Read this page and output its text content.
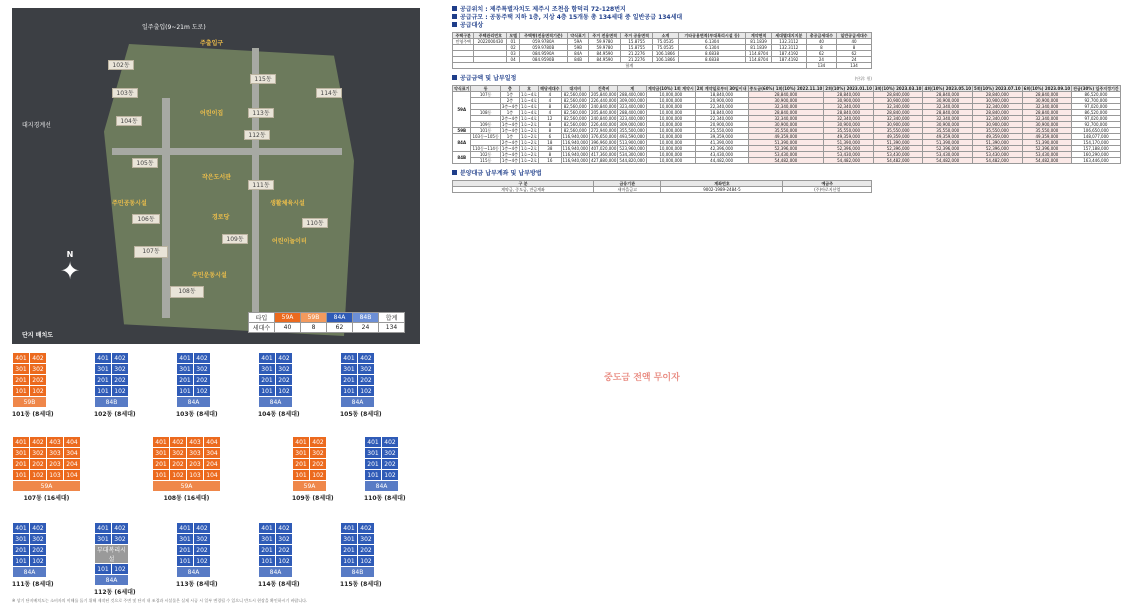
일주출입(9~21m 도로)
대지경계선
단지 배치도
주출입구
어린이집
작은도서관
경로당
주민공동시설	생활체육시설
어린이놀이터
주민운동시설
102동
103동
104동
105동
106동
107동
108동
109동
110동
111동
112동
113동
114동
115동
N
✦
타입	59A	59B	84A	84B	합계
세대수	40	8	62	24	134
401	402
301	302
201	202
101	102
59B	
101동 (8세대)
401	402
301	302
201	202
101	102
84B	
102동 (8세대)
401	402
301	302
201	202
101	102
84A	
103동 (8세대)
401	402
301	302
201	202
101	102
84A	
104동 (8세대)
401	402
301	302
201	202
101	102
84A	
105동 (8세대)
401	402	403	404
301	302	303	304
201	202	203	204
101	102	103	104
59A			
107동 (16세대)
401	402	403	404
301	302	303	304
201	202	203	204
101	102	103	104
59A			
108동 (16세대)
401	402
301	302
201	202
101	102
59A	
109동 (8세대)
401	402
301	302
201	202
101	102
84A	
110동 (8세대)
401	402
301	302
201	202
101	102
84A	
111동 (8세대)
401	402
301	302
부대복리시설	
101	102
84A	
112동 (6세대)
401	402
301	302
201	202
101	102
84A	
113동 (8세대)
401	402
301	302
201	202
101	102
84A	
114동 (8세대)
401	402
301	302
201	202
101	102
84B	
115동 (8세대)
※ 상기 단지배치도는 소비자의 이해를 돕기 위해 제작된 것으로 주변 및 단지 내 조경과 시설물은 실제 시공 시 일부 변경될 수 있으니 반드시 현장을 확인하시기 바랍니다.
공급위치 : 제주특별자치도 제주시 조천읍 함덕리 72-128번지
공급규모 : 공동주택 지하 1층, 지상 4층 15개동 총 134세대 중 일반공급 134세대
공급대상
주택구분	주택관리번호	모델	주택형(전용면적기준)	약식표기	주거 전용면적	주거 공용면적	소계	기타공용면적(부대복리시설 등)	계약면적	세대별대지지분	총공급세대수	일반공급세대수
민영주택	2022000430	01	059.9780A	59A	59.9780	15.8755	75.0535	6.1304	81.1839	132.3112	40	40
		02	059.9780B	59B	59.9780	15.8755	75.0535	6.1304	81.1839	132.3112	8	8
		03	084.9590A	84A	84.9590	21.2276	106.1866	8.6838	114.8704	187.4192	62	62
		04	084.9590B	84B	84.9590	21.2276	106.1866	8.6838	114.8704	187.4192	24	24
합계											134	134
공급금액 및 납부일정	(단위: 원)
약식표기	동	층	호	해당세대수	대지비	건축비	계	계약금(10%) 1회 계약시	2회 계약일로부터 30일이내	중도금(60%) 1회(10%) 2022.11.10	2회(10%) 2023.01.10	3회(10%) 2023.03.10	4회(10%) 2023.05.10	5회(10%) 2023.07.10	6회(10%) 2023.09.10	잔금(30%) 입주지정기간
59A	107동	1층	1호~4호	4	82,560,000	205,840,000	288,400,000	10,000,000	18,840,000	28,840,000	28,840,000	28,840,000	28,840,000	28,840,000	28,840,000	86,520,000
		2층	1호~4호	4	82,560,000	226,440,000	309,000,000	10,000,000	20,900,000	30,900,000	30,900,000	30,900,000	30,900,000	30,900,000	30,900,000	92,700,000
		3층~4층	1호~4호	8	82,560,000	240,840,000	323,400,000	10,000,000	22,340,000	32,340,000	32,340,000	32,340,000	32,340,000	32,340,000	32,340,000	97,020,000
	108동	1층	1호~4호	4	82,560,000	205,840,000	288,400,000	10,000,000	18,840,000	28,840,000	28,840,000	28,840,000	28,840,000	28,840,000	28,840,000	86,520,000
		2층~4층	1호~4호	12	82,560,000	240,840,000	323,400,000	10,000,000	22,340,000	32,340,000	32,340,000	32,340,000	32,340,000	32,340,000	32,340,000	97,020,000
	109동	1층~4층	1호~2호	8	82,560,000	226,440,000	309,000,000	10,000,000	20,900,000	30,900,000	30,900,000	30,900,000	30,900,000	30,900,000	30,900,000	92,700,000
59B	101동	1층~4층	1호~2호	8	82,560,000	272,940,000	355,500,000	10,000,000	25,550,000	35,550,000	35,550,000	35,550,000	35,550,000	35,550,000	35,550,000	106,650,000
84A	103동~105동	1층	1호~2호	6	116,940,000	376,650,000	493,590,000	10,000,000	39,359,000	49,359,000	49,359,000	49,359,000	49,359,000	49,359,000	49,359,000	148,077,000
		2층~4층	1호~2호	18	116,940,000	396,960,000	513,900,000	10,000,000	41,390,000	51,390,000	51,390,000	51,390,000	51,390,000	51,390,000	51,390,000	154,170,000
	110동~114동	1층~4층	1호~2호	38	116,940,000	407,020,000	523,960,000	10,000,000	42,396,000	52,396,000	52,396,000	52,396,000	52,396,000	52,396,000	52,396,000	157,188,000
84B	102동	1층~4층	1호~2호	8	116,940,000	417,360,000	534,300,000	10,000,000	43,430,000	53,430,000	53,430,000	53,430,000	53,430,000	53,430,000	53,430,000	160,290,000
	115동	1층~4층	1호~2호	16	116,940,000	427,880,000	544,820,000	10,000,000	44,482,000	54,482,000	54,482,000	54,482,000	54,482,000	54,482,000	54,482,000	163,446,000
분양대금 납부계좌 및 납부방법
구 분	금융기관	계좌번호	예금주
계약금, 중도금, 잔금계좌	새마을금고	9002-1989-2484-5	(주)아로지산업
중도금 전액 무이자
